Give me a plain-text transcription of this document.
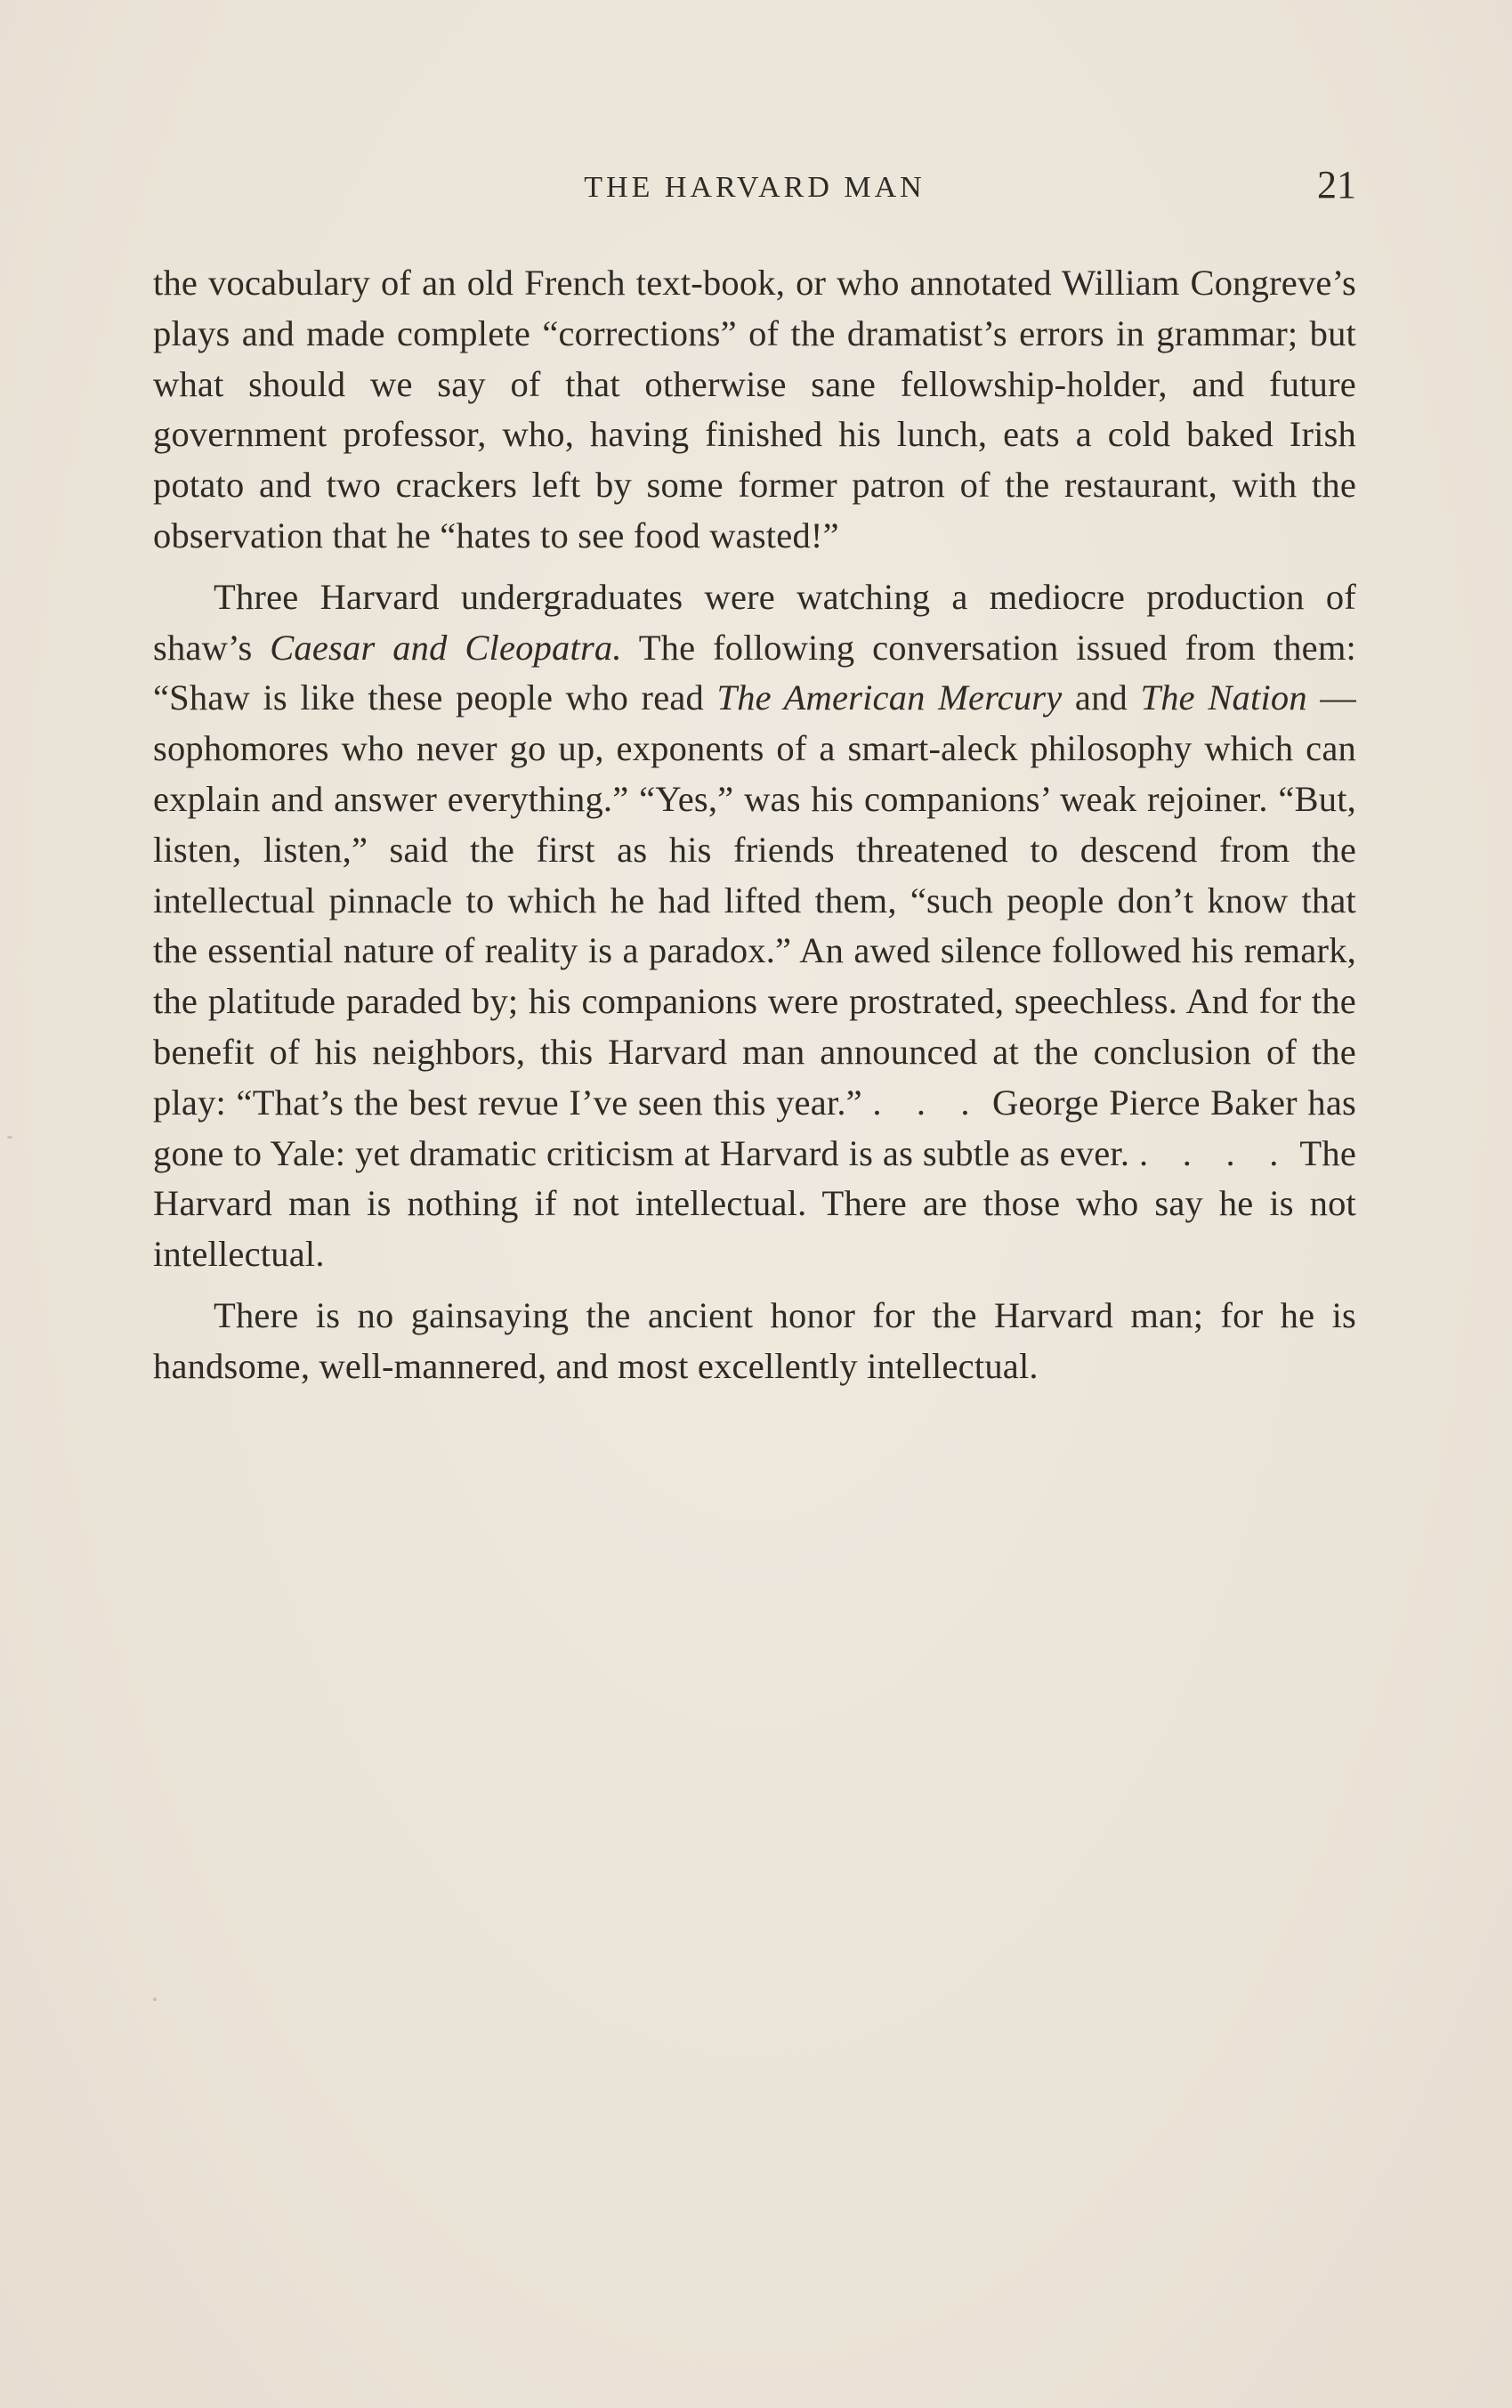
THE HARVARD MAN	21

the vocabulary of an old French text-book, or who annotated William Congreve’s plays and made complete “corrections” of the dramatist’s errors in grammar; but what should we say of that otherwise sane fellowship-holder, and future government professor, who, having finished his lunch, eats a cold baked Irish potato and two crackers left by some former patron of the restaurant, with the observation that he “hates to see food wasted!”

Three Harvard undergraduates were watching a mediocre production of shaw’s Caesar and Cleopatra. The following conversation issued from them: “Shaw is like these people who read The American Mercury and The Nation — sophomores who never go up, exponents of a smart-aleck philosophy which can explain and answer everything.” “Yes,” was his companions’ weak rejoiner. “But, listen, listen,” said the first as his friends threatened to descend from the intellectual pinnacle to which he had lifted them, “such people don’t know that the essential nature of reality is a paradox.” An awed silence followed his remark, the platitude paraded by; his companions were prostrated, speechless. And for the benefit of his neighbors, this Harvard man announced at the conclusion of the play: “That’s the best revue I’ve seen this year.” . . . George Pierce Baker has gone to Yale: yet dramatic criticism at Harvard is as subtle as ever. . . . . The Harvard man is nothing if not intellectual. There are those who say he is not intellectual.

There is no gainsaying the ancient honor for the Harvard man; for he is handsome, well-mannered, and most excellently intellectual.
